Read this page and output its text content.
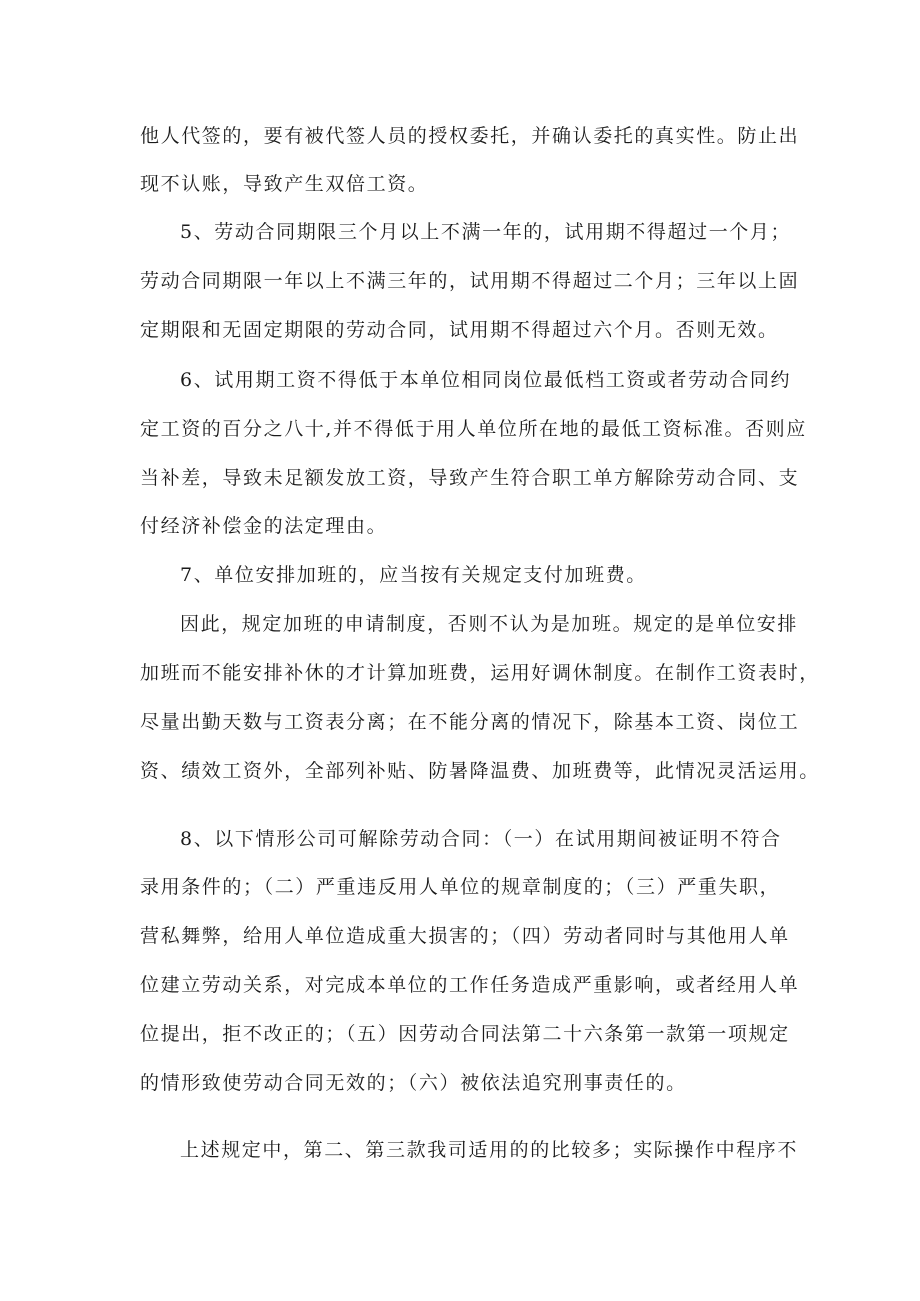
他人代签的，要有被代签人员的授权委托，并确认委托的真实性。防止出
现不认账，导致产生双倍工资。
5、劳动合同期限三个月以上不满一年的，试用期不得超过一个月；
劳动合同期限一年以上不满三年的，试用期不得超过二个月；三年以上固
定期限和无固定期限的劳动合同，试用期不得超过六个月。否则无效。
6、试用期工资不得低于本单位相同岗位最低档工资或者劳动合同约
定工资的百分之八十,并不得低于用人单位所在地的最低工资标准。否则应
当补差，导致未足额发放工资，导致产生符合职工单方解除劳动合同、支
付经济补偿金的法定理由。
7、单位安排加班的，应当按有关规定支付加班费。
因此，规定加班的申请制度，否则不认为是加班。规定的是单位安排
加班而不能安排补休的才计算加班费，运用好调休制度。在制作工资表时，
尽量出勤天数与工资表分离；在不能分离的情况下，除基本工资、岗位工
资、绩效工资外，全部列补贴、防暑降温费、加班费等，此情况灵活运用。
8、以下情形公司可解除劳动合同：（一）在试用期间被证明不符合
录用条件的；（二）严重违反用人单位的规章制度的；（三）严重失职，
营私舞弊，给用人单位造成重大损害的；（四）劳动者同时与其他用人单
位建立劳动关系，对完成本单位的工作任务造成严重影响，或者经用人单
位提出，拒不改正的；（五）因劳动合同法第二十六条第一款第一项规定
的情形致使劳动合同无效的；（六）被依法追究刑事责任的。
上述规定中，第二、第三款我司适用的的比较多；实际操作中程序不
